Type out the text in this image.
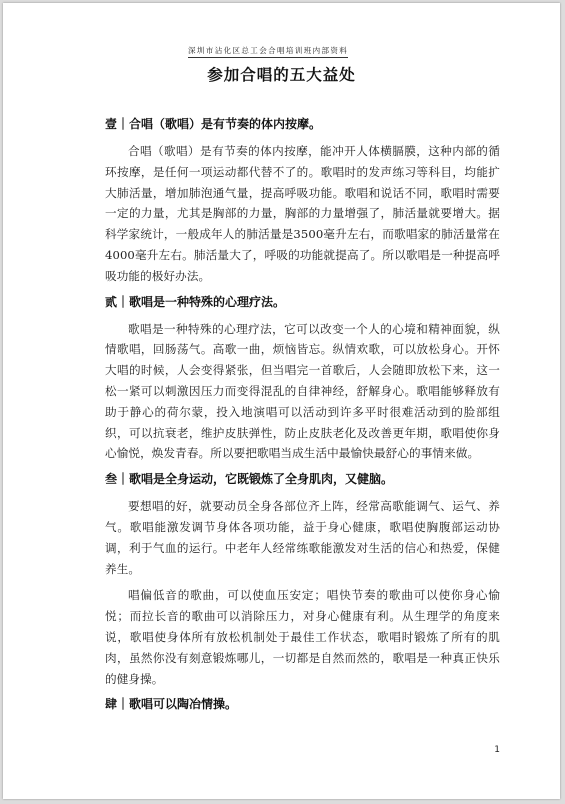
深圳市沾化区总工会合唱培训班内部资料
参加合唱的五大益处
壹｜合唱（歌唱）是有节奏的体内按摩。

合唱（歌唱）是有节奏的体内按摩，能冲开人体横膈膜，这种内部的循环按摩，是任何一项运动都代替不了的。歌唱时的发声练习等科目，均能扩大肺活量，增加肺泡通气量，提高呼吸功能。歌唱和说话不同，歌唱时需要一定的力量，尤其是胸部的力量，胸部的力量增强了，肺活量就要增大。据科学家统计，一般成年人的肺活量是3500毫升左右，而歌唱家的肺活量常在4000毫升左右。肺活量大了，呼吸的功能就提高了。所以歌唱是一种提高呼吸功能的极好办法。

贰｜歌唱是一种特殊的心理疗法。

歌唱是一种特殊的心理疗法，它可以改变一个人的心境和精神面貌，纵情歌唱，回肠荡气。高歌一曲，烦恼皆忘。纵情欢歌，可以放松身心。开怀大唱的时候，人会变得紧张，但当唱完一首歌后，人会随即放松下来，这一松一紧可以刺激因压力而变得混乱的自律神经，舒解身心。歌唱能够释放有助于静心的荷尔蒙，投入地演唱可以活动到许多平时很难活动到的脸部组织，可以抗衰老，维护皮肤弹性，防止皮肤老化及改善更年期，歌唱使你身心愉悦，焕发青春。所以要把歌唱当成生活中最愉快最舒心的事情来做。

叁｜歌唱是全身运动，它既锻炼了全身肌肉，又健脑。

要想唱的好，就要动员全身各部位齐上阵，经常高歌能调气、运气、养气。歌唱能激发调节身体各项功能，益于身心健康，歌唱使胸腹部运动协调，利于气血的运行。中老年人经常练歌能激发对生活的信心和热爱，保健养生。

唱偏低音的歌曲，可以使血压安定；唱快节奏的歌曲可以使你身心愉悦；而拉长音的歌曲可以消除压力，对身心健康有利。从生理学的角度来说，歌唱使身体所有放松机制处于最佳工作状态，歌唱时锻炼了所有的肌肉，虽然你没有刻意锻炼哪儿，一切都是自然而然的，歌唱是一种真正快乐的健身操。

肆｜歌唱可以陶冶情操。
1
